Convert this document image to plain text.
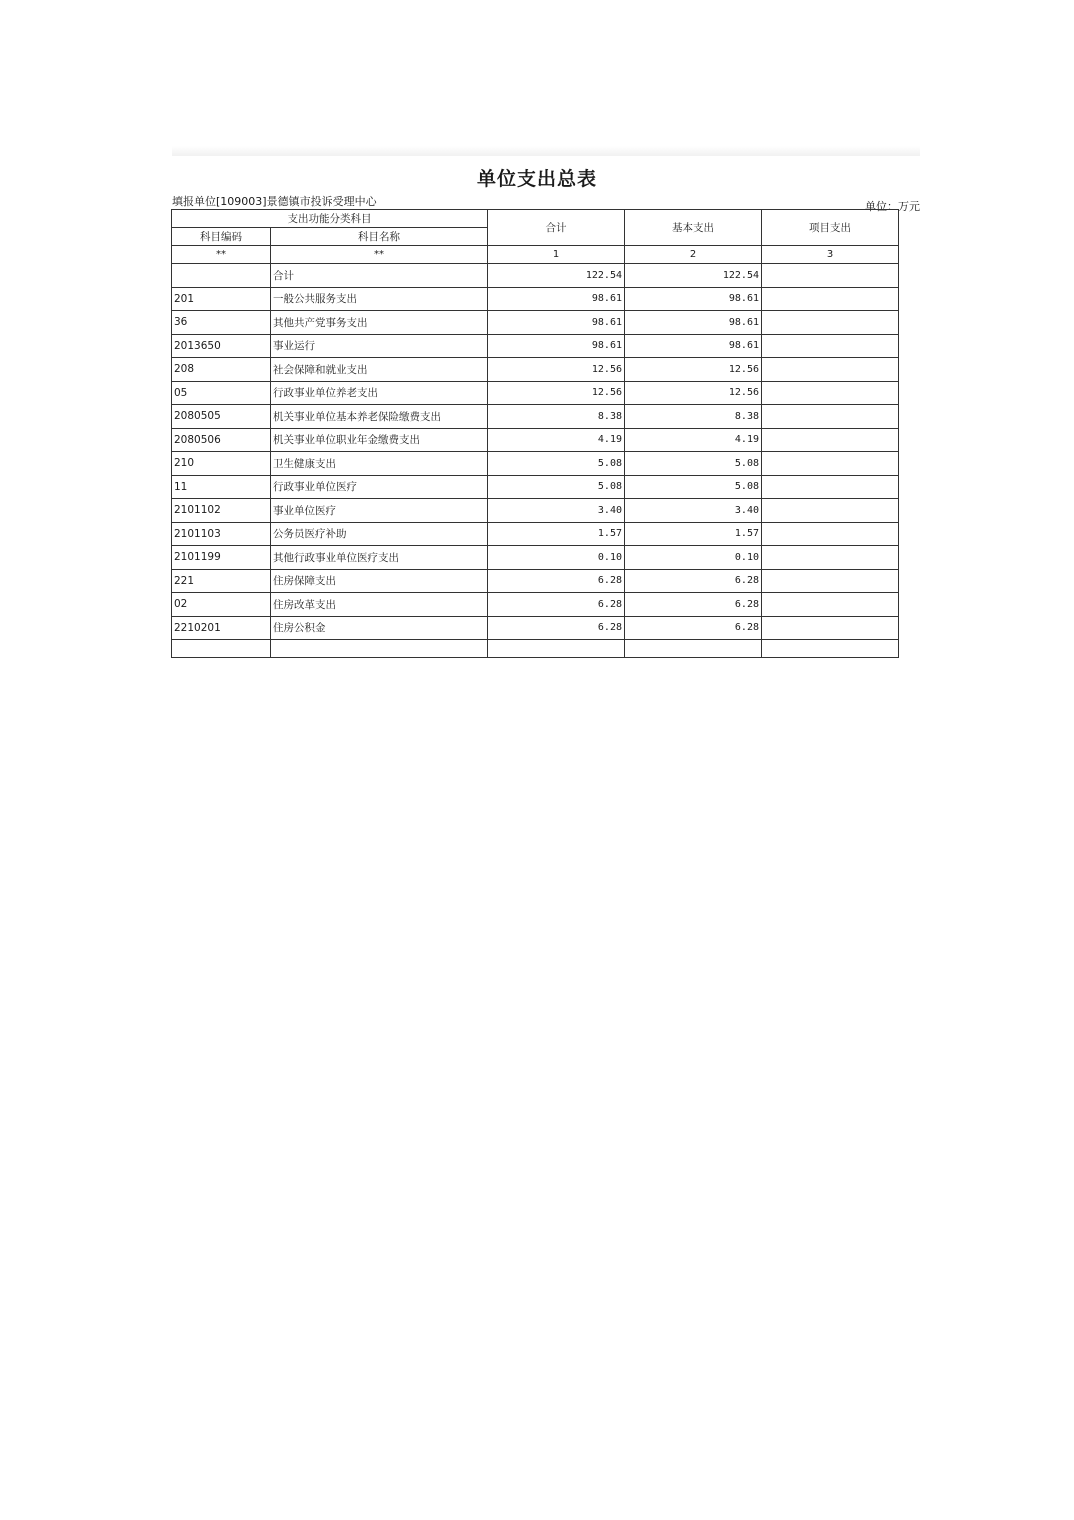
单位支出总表
填报单位[109003]景德镇市投诉受理中心	单位：万元
支出功能分类科目		合计	基本支出	项目支出
科目编码	科目名称			
**	**	1	2	3
	合计	122.54	122.54	
201	一般公共服务支出	98.61	98.61	
36	其他共产党事务支出	98.61	98.61	
2013650	事业运行	98.61	98.61	
208	社会保障和就业支出	12.56	12.56	
05	行政事业单位养老支出	12.56	12.56	
2080505	机关事业单位基本养老保险缴费支出	8.38	8.38	
2080506	机关事业单位职业年金缴费支出	4.19	4.19	
210	卫生健康支出	5.08	5.08	
11	行政事业单位医疗	5.08	5.08	
2101102	事业单位医疗	3.40	3.40	
2101103	公务员医疗补助	1.57	1.57	
2101199	其他行政事业单位医疗支出	0.10	0.10	
221	住房保障支出	6.28	6.28	
02	住房改革支出	6.28	6.28	
2210201	住房公积金	6.28	6.28	
